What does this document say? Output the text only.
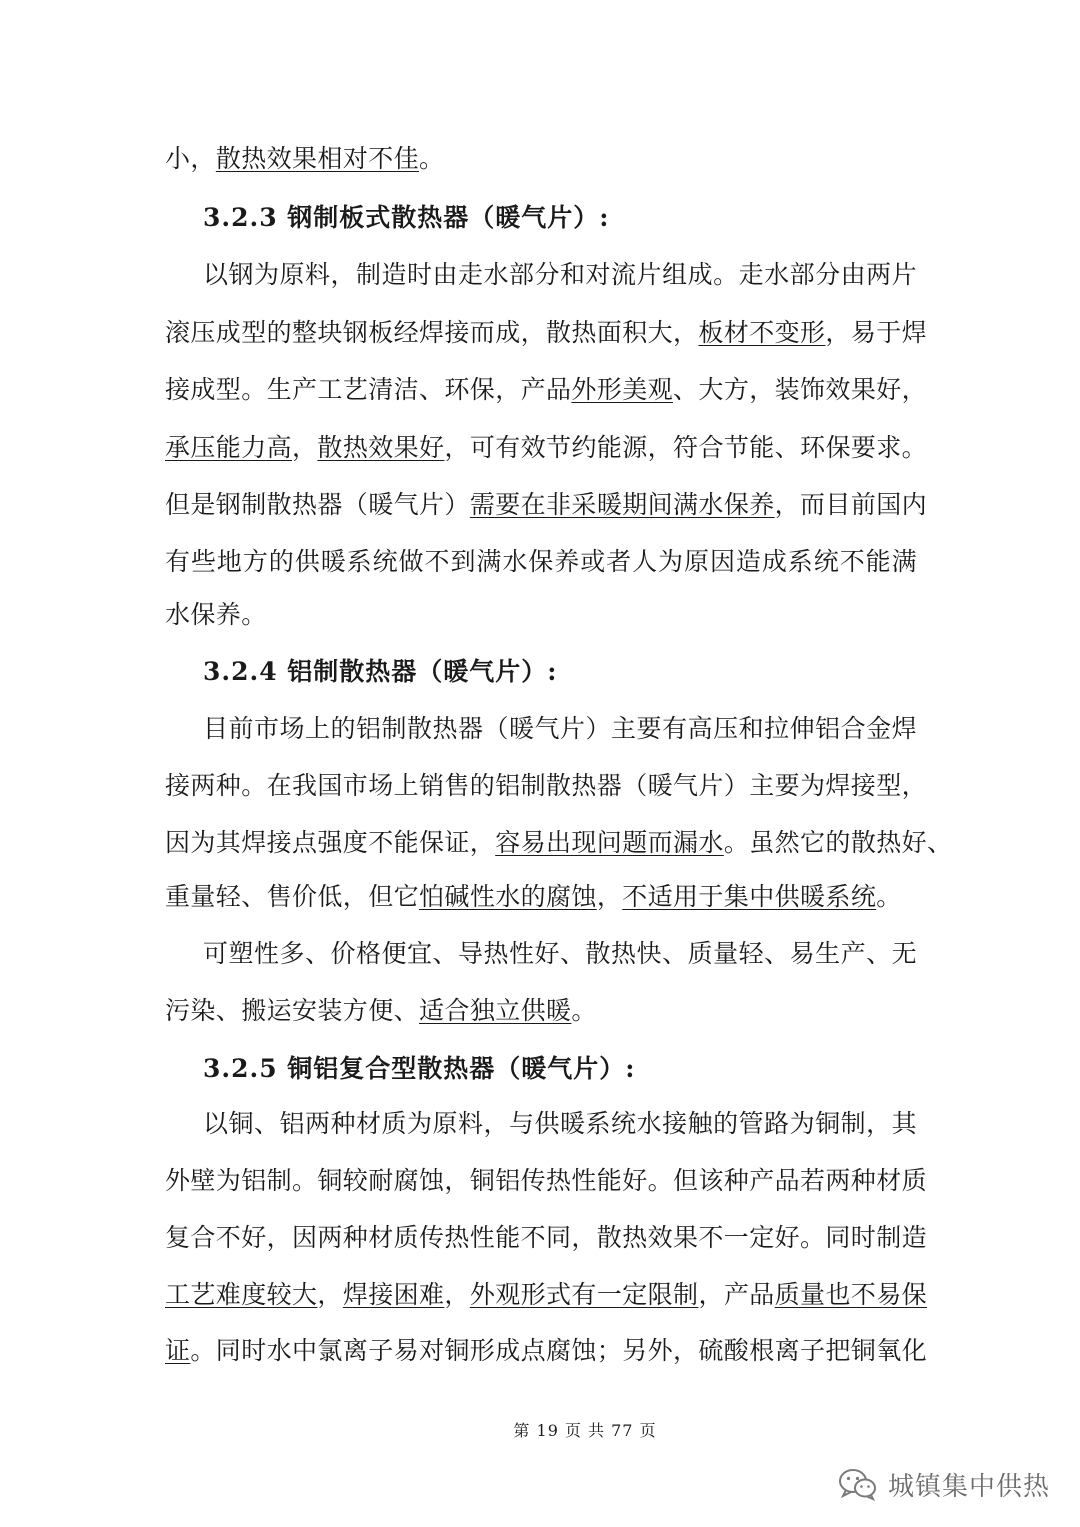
小，散热效果相对不佳。
3.2.3 钢制板式散热器（暖气片）:
以钢为原料，制造时由走水部分和对流片组成。走水部分由两片
滚压成型的整块钢板经焊接而成，散热面积大，板材不变形，易于焊
接成型。生产工艺清洁、环保，产品外形美观、大方，装饰效果好，
承压能力高，散热效果好，可有效节约能源，符合节能、环保要求。
但是钢制散热器（暖气片）需要在非采暖期间满水保养，而目前国内
有些地方的供暖系统做不到满水保养或者人为原因造成系统不能满
水保养。
3.2.4 铝制散热器（暖气片）:
目前市场上的铝制散热器（暖气片）主要有高压和拉伸铝合金焊
接两种。在我国市场上销售的铝制散热器（暖气片）主要为焊接型，
因为其焊接点强度不能保证，容易出现问题而漏水。虽然它的散热好、
重量轻、售价低，但它怕碱性水的腐蚀，不适用于集中供暖系统。
可塑性多、价格便宜、导热性好、散热快、质量轻、易生产、无
污染、搬运安装方便、适合独立供暖。
3.2.5 铜铝复合型散热器（暖气片）:
以铜、铝两种材质为原料，与供暖系统水接触的管路为铜制，其
外壁为铝制。铜较耐腐蚀，铜铝传热性能好。但该种产品若两种材质
复合不好，因两种材质传热性能不同，散热效果不一定好。同时制造
工艺难度较大，焊接困难，外观形式有一定限制，产品质量也不易保
证。同时水中氯离子易对铜形成点腐蚀；另外，硫酸根离子把铜氧化
第 19 页 共 77 页
城镇集中供热
